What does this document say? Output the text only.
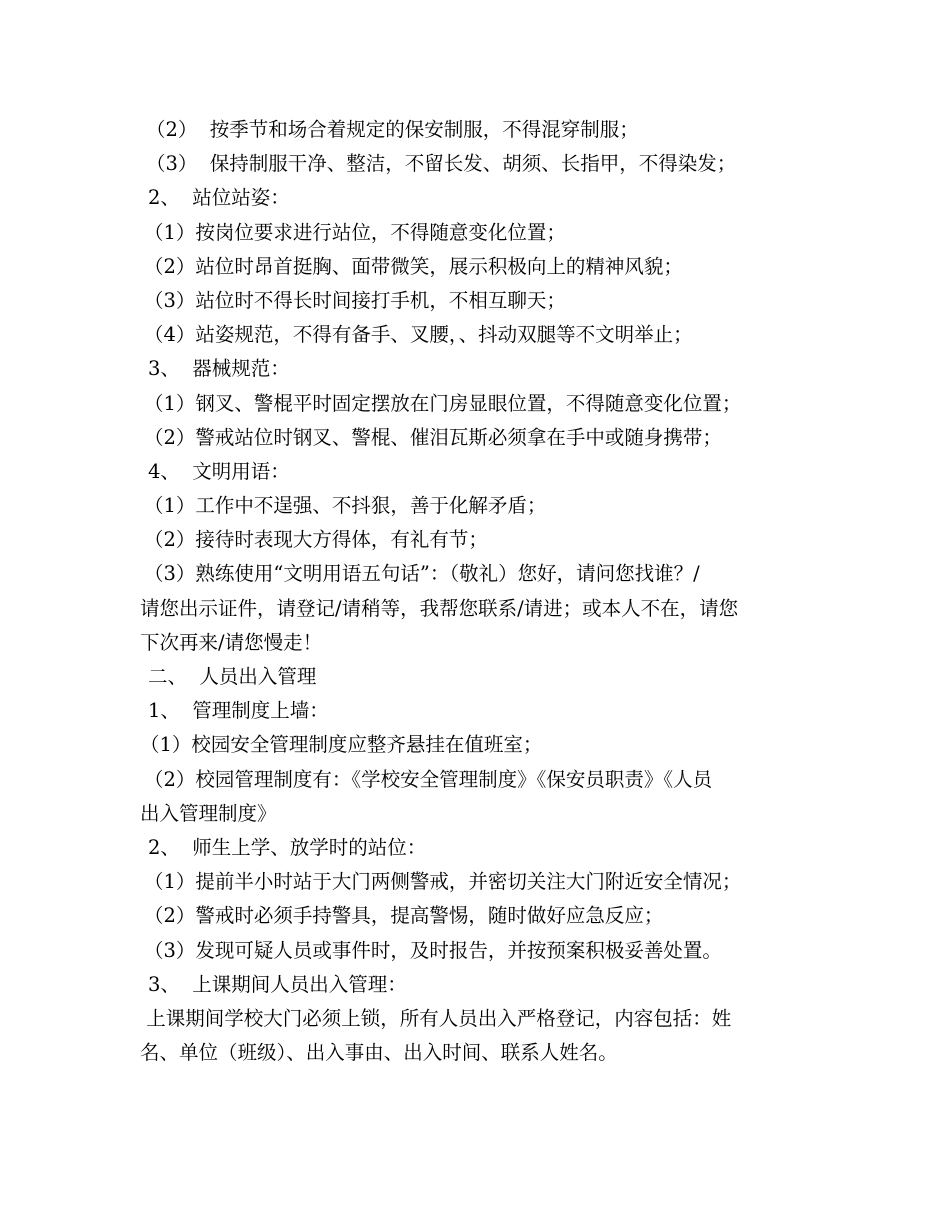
（2）  按季节和场合着规定的保安制服，不得混穿制服；
（3）  保持制服干净、整洁，不留长发、胡须、长指甲，不得染发；
2、  站位站姿：
（1）按岗位要求进行站位，不得随意变化位置；
（2）站位时昂首挺胸、面带微笑，展示积极向上的精神风貌；
（3）站位时不得长时间接打手机，不相互聊天；
（4）站姿规范，不得有备手、叉腰，、抖动双腿等不文明举止；
3、  器械规范：
（1）钢叉、警棍平时固定摆放在门房显眼位置，不得随意变化位置；
（2）警戒站位时钢叉、警棍、催泪瓦斯必须拿在手中或随身携带；
4、  文明用语：
（1）工作中不逞强、不抖狠，善于化解矛盾；
（2）接待时表现大方得体，有礼有节；
（3）熟练使用“文明用语五句话”：（敬礼）您好，请问您找谁？/
请您出示证件，请登记/请稍等，我帮您联系/请进；或本人不在，请您
下次再来/请您慢走！
二、  人员出入管理
1、  管理制度上墙：
（1）校园安全管理制度应整齐悬挂在值班室；
（2）校园管理制度有：《学校安全管理制度》《保安员职责》《人员
出入管理制度》
2、  师生上学、放学时的站位：
（1）提前半小时站于大门两侧警戒，并密切关注大门附近安全情况；
（2）警戒时必须手持警具，提高警惕，随时做好应急反应；
（3）发现可疑人员或事件时，及时报告，并按预案积极妥善处置。
3、  上课期间人员出入管理：
上课期间学校大门必须上锁，所有人员出入严格登记，内容包括：姓
名、单位（班级）、出入事由、出入时间、联系人姓名。
